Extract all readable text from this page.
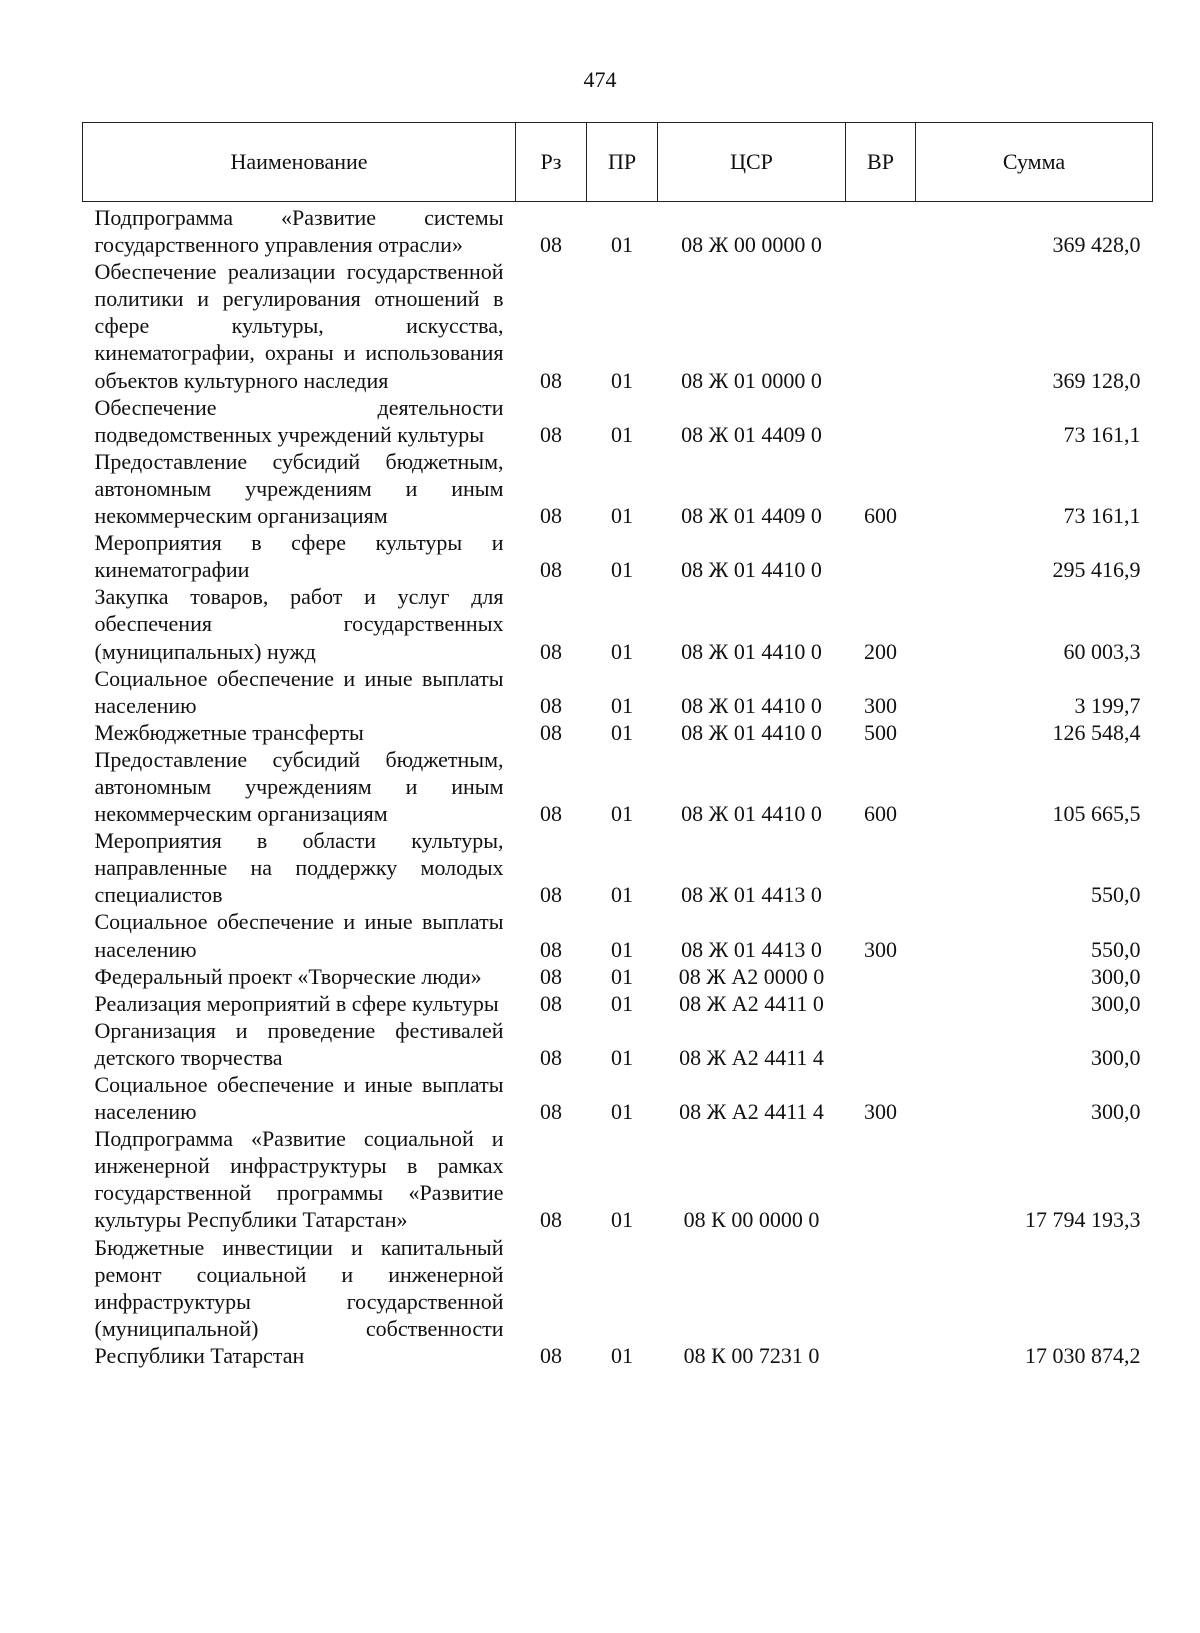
474
Наименование	Рз	ПР	ЦСР	ВР	Сумма
Подпрограмма «Развитие системы государственного управления отрасли»	08	01	08 Ж 00 0000 0		369 428,0
Обеспечение реализации государственной политики и регулирования отношений в сфере культуры, искусства, кинематографии, охраны и использования объектов культурного наследия	08	01	08 Ж 01 0000 0		369 128,0
Обеспечение деятельности подведомственных учреждений культуры	08	01	08 Ж 01 4409 0		73 161,1
Предоставление субсидий бюджетным, автономным учреждениям и иным некоммерческим организациям	08	01	08 Ж 01 4409 0	600	73 161,1
Мероприятия в сфере культуры и кинематографии	08	01	08 Ж 01 4410 0		295 416,9
Закупка товаров, работ и услуг для обеспечения государственных (муниципальных) нужд	08	01	08 Ж 01 4410 0	200	60 003,3
Социальное обеспечение и иные выплаты населению	08	01	08 Ж 01 4410 0	300	3 199,7
Межбюджетные трансферты	08	01	08 Ж 01 4410 0	500	126 548,4
Предоставление субсидий бюджетным, автономным учреждениям и иным некоммерческим организациям	08	01	08 Ж 01 4410 0	600	105 665,5
Мероприятия в области культуры, направленные на поддержку молодых специалистов	08	01	08 Ж 01 4413 0		550,0
Социальное обеспечение и иные выплаты населению	08	01	08 Ж 01 4413 0	300	550,0
Федеральный проект «Творческие люди»	08	01	08 Ж А2 0000 0		300,0
Реализация мероприятий в сфере культуры	08	01	08 Ж А2 4411 0		300,0
Организация и проведение фестивалей детского творчества	08	01	08 Ж А2 4411 4		300,0
Социальное обеспечение и иные выплаты населению	08	01	08 Ж А2 4411 4	300	300,0
Подпрограмма «Развитие социальной и инженерной инфраструктуры в рамках государственной программы «Развитие культуры Республики Татарстан»	08	01	08 К 00 0000 0		17 794 193,3
Бюджетные инвестиции и капитальный ремонт социальной и инженерной инфраструктуры государственной (муниципальной) собственности Республики Татарстан	08	01	08 К 00 7231 0		17 030 874,2
